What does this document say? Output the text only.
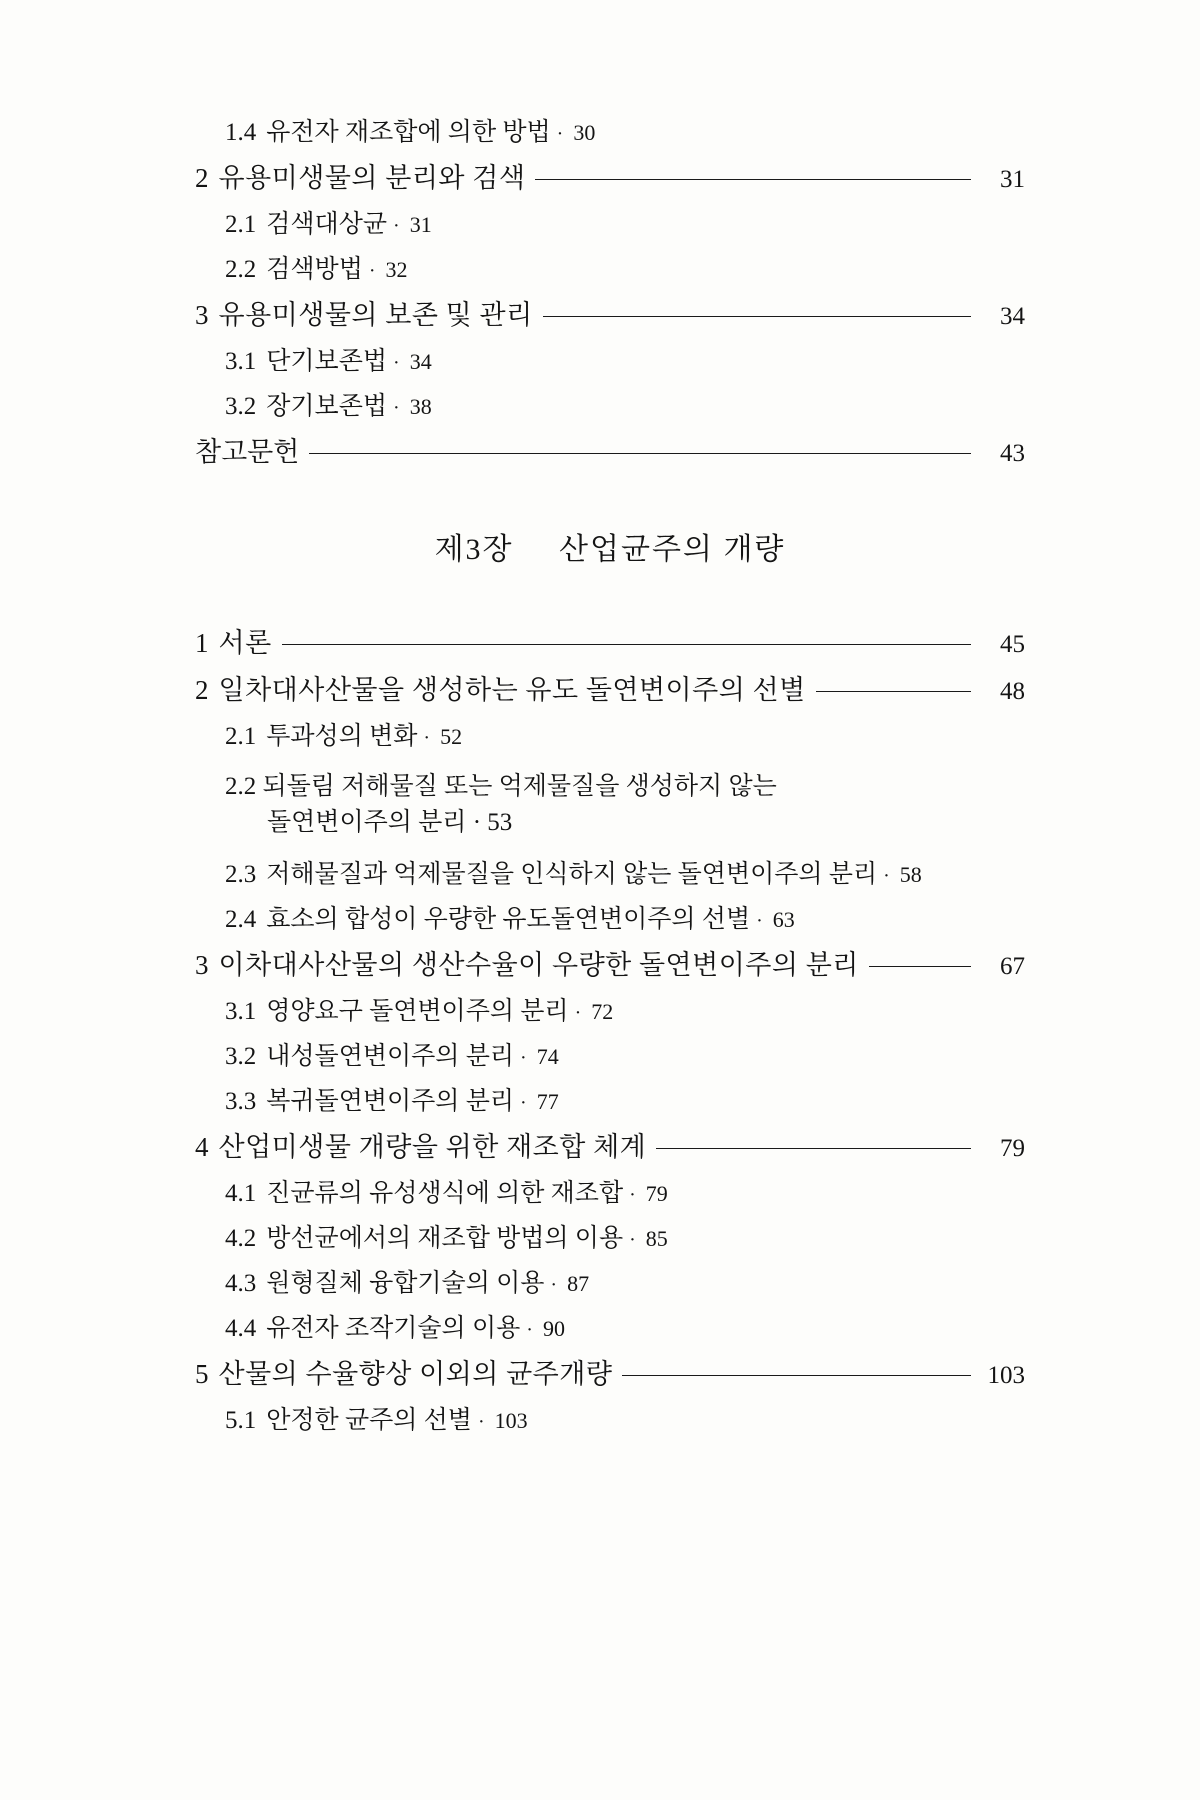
1.4 유전자 재조합에 의한 방법 · 30
2 유용미생물의 분리와 검색	31
2.1 검색대상균 · 31
2.2 검색방법 · 32
3 유용미생물의 보존 및 관리	34
3.1 단기보존법 · 34
3.2 장기보존법 · 38
참고문헌	43
제3장 산업균주의 개량
1 서론	45
2 일차대사산물을 생성하는 유도 돌연변이주의 선별	48
2.1 투과성의 변화 · 52
2.2 되돌림 저해물질 또는 억제물질을 생성하지 않는
돌연변이주의 분리 · 53
2.3 저해물질과 억제물질을 인식하지 않는 돌연변이주의 분리 · 58
2.4 효소의 합성이 우량한 유도돌연변이주의 선별 · 63
3 이차대사산물의 생산수율이 우량한 돌연변이주의 분리	67
3.1 영양요구 돌연변이주의 분리 · 72
3.2 내성돌연변이주의 분리 · 74
3.3 복귀돌연변이주의 분리 · 77
4 산업미생물 개량을 위한 재조합 체계	79
4.1 진균류의 유성생식에 의한 재조합 · 79
4.2 방선균에서의 재조합 방법의 이용 · 85
4.3 원형질체 융합기술의 이용 · 87
4.4 유전자 조작기술의 이용 · 90
5 산물의 수율향상 이외의 균주개량	103
5.1 안정한 균주의 선별 · 103
